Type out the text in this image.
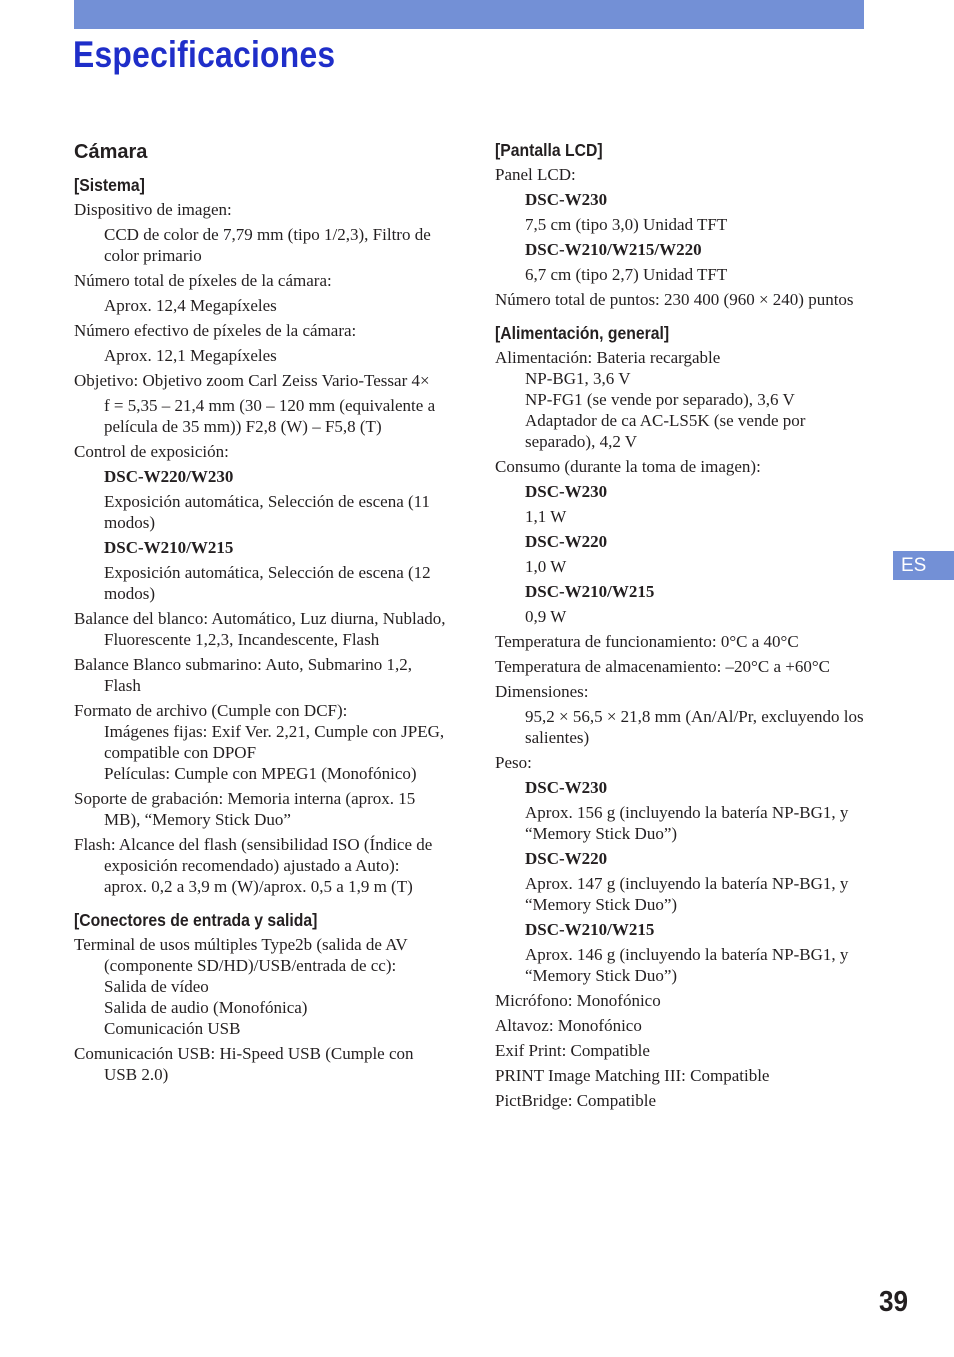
Especificaciones
Cámara
[Sistema]
Dispositivo de imagen:
CCD de color de 7,79 mm (tipo 1/2,3), Filtro de color primario
Número total de píxeles de la cámara:
Aprox. 12,4 Megapíxeles
Número efectivo de píxeles de la cámara:
Aprox. 12,1 Megapíxeles
Objetivo: Objetivo zoom Carl Zeiss Vario-Tessar 4×
f = 5,35 – 21,4 mm (30 – 120 mm (equivalente a película de 35 mm)) F2,8 (W) – F5,8 (T)
Control de exposición:
DSC-W220/W230
Exposición automática, Selección de escena (11 modos)
DSC-W210/W215
Exposición automática, Selección de escena (12 modos)
Balance del blanco: Automático, Luz diurna, Nublado, Fluorescente 1,2,3, Incandescente, Flash
Balance Blanco submarino: Auto, Submarino 1,2, Flash
Formato de archivo (Cumple con DCF):
Imágenes fijas: Exif Ver. 2,21, Cumple con JPEG, compatible con DPOF
Películas: Cumple con MPEG1 (Monofónico)
Soporte de grabación: Memoria interna (aprox. 15 MB), “Memory Stick Duo”
Flash: Alcance del flash (sensibilidad ISO (Índice de exposición recomendado) ajustado a Auto):
aprox. 0,2 a 3,9 m (W)/aprox. 0,5 a 1,9 m (T)
[Conectores de entrada y salida]
Terminal de usos múltiples Type2b (salida de AV (componente SD/HD)/USB/entrada de cc):
Salida de vídeo
Salida de audio (Monofónica)
Comunicación USB
Comunicación USB: Hi-Speed USB (Cumple con USB 2.0)
[Pantalla LCD]
Panel LCD:
DSC-W230
7,5 cm (tipo 3,0) Unidad TFT
DSC-W210/W215/W220
6,7 cm (tipo 2,7) Unidad TFT
Número total de puntos: 230 400 (960 × 240) puntos
[Alimentación, general]
Alimentación: Bateria recargable
NP-BG1, 3,6 V
NP-FG1 (se vende por separado), 3,6 V
Adaptador de ca AC-LS5K (se vende por separado), 4,2 V
Consumo (durante la toma de imagen):
DSC-W230
1,1 W
DSC-W220
1,0 W
DSC-W210/W215
0,9 W
Temperatura de funcionamiento: 0°C a 40°C
Temperatura de almacenamiento: –20°C a +60°C
Dimensiones:
95,2 × 56,5 × 21,8 mm (An/Al/Pr, excluyendo los salientes)
Peso:
DSC-W230
Aprox. 156 g (incluyendo la batería NP-BG1, y “Memory Stick Duo”)
DSC-W220
Aprox. 147 g (incluyendo la batería NP-BG1, y “Memory Stick Duo”)
DSC-W210/W215
Aprox. 146 g (incluyendo la batería NP-BG1, y “Memory Stick Duo”)
Micrófono: Monofónico
Altavoz: Monofónico
Exif Print: Compatible
PRINT Image Matching III: Compatible
PictBridge: Compatible
ES
39
